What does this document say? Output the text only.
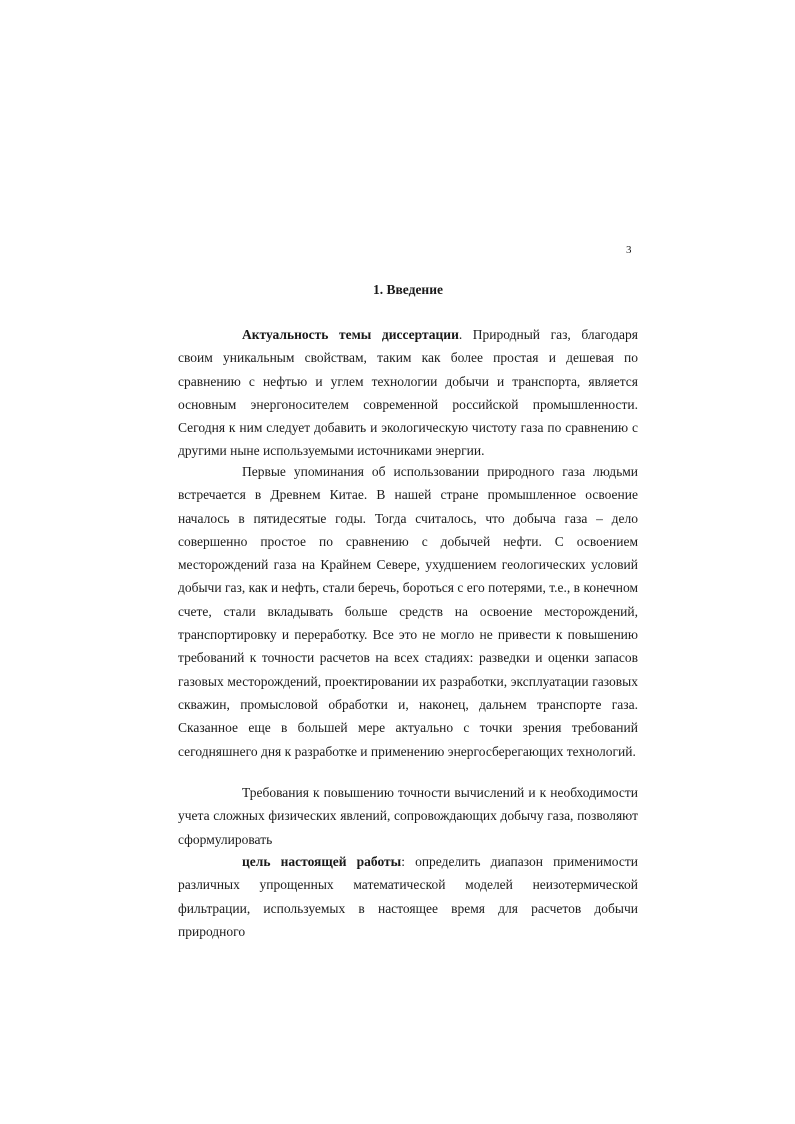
3
1. Введение

Актуальность темы диссертации. Природный газ, благодаря своим уникальным свойствам, таким как более простая и дешевая по сравнению с нефтью и углем технологии добычи и транспорта, является основным энергоносителем современной российской промышленности. Сегодня к ним следует добавить и экологическую чистоту газа по сравнению с другими ныне используемыми источниками энергии.

Первые упоминания об использовании природного газа людьми встречается в Древнем Китае. В нашей стране промышленное освоение началось в пятидесятые годы. Тогда считалось, что добыча газа – дело совершенно простое по сравнению с добычей нефти. С освоением месторождений газа на Крайнем Севере, ухудшением геологических условий добычи газ, как и нефть, стали беречь, бороться с его потерями, т.е., в конечном счете, стали вкладывать больше средств на освоение месторождений, транспортировку и переработку. Все это не могло не привести к повышению требований к точности расчетов на всех стадиях: разведки и оценки запасов газовых месторождений, проектировании их разработки, эксплуатации газовых скважин, промысловой обработки и, наконец, дальнем транспорте газа. Сказанное еще в большей мере актуально с точки зрения требований сегодняшнего дня к разработке и применению энергосберегающих технологий.

Требования к повышению точности вычислений и к необходимости учета сложных физических явлений, сопровождающих добычу газа, позволяют сформулировать

цель настоящей работы: определить диапазон применимости различных упрощенных математической моделей неизотермической фильтрации, используемых в настоящее время для расчетов добычи природного
